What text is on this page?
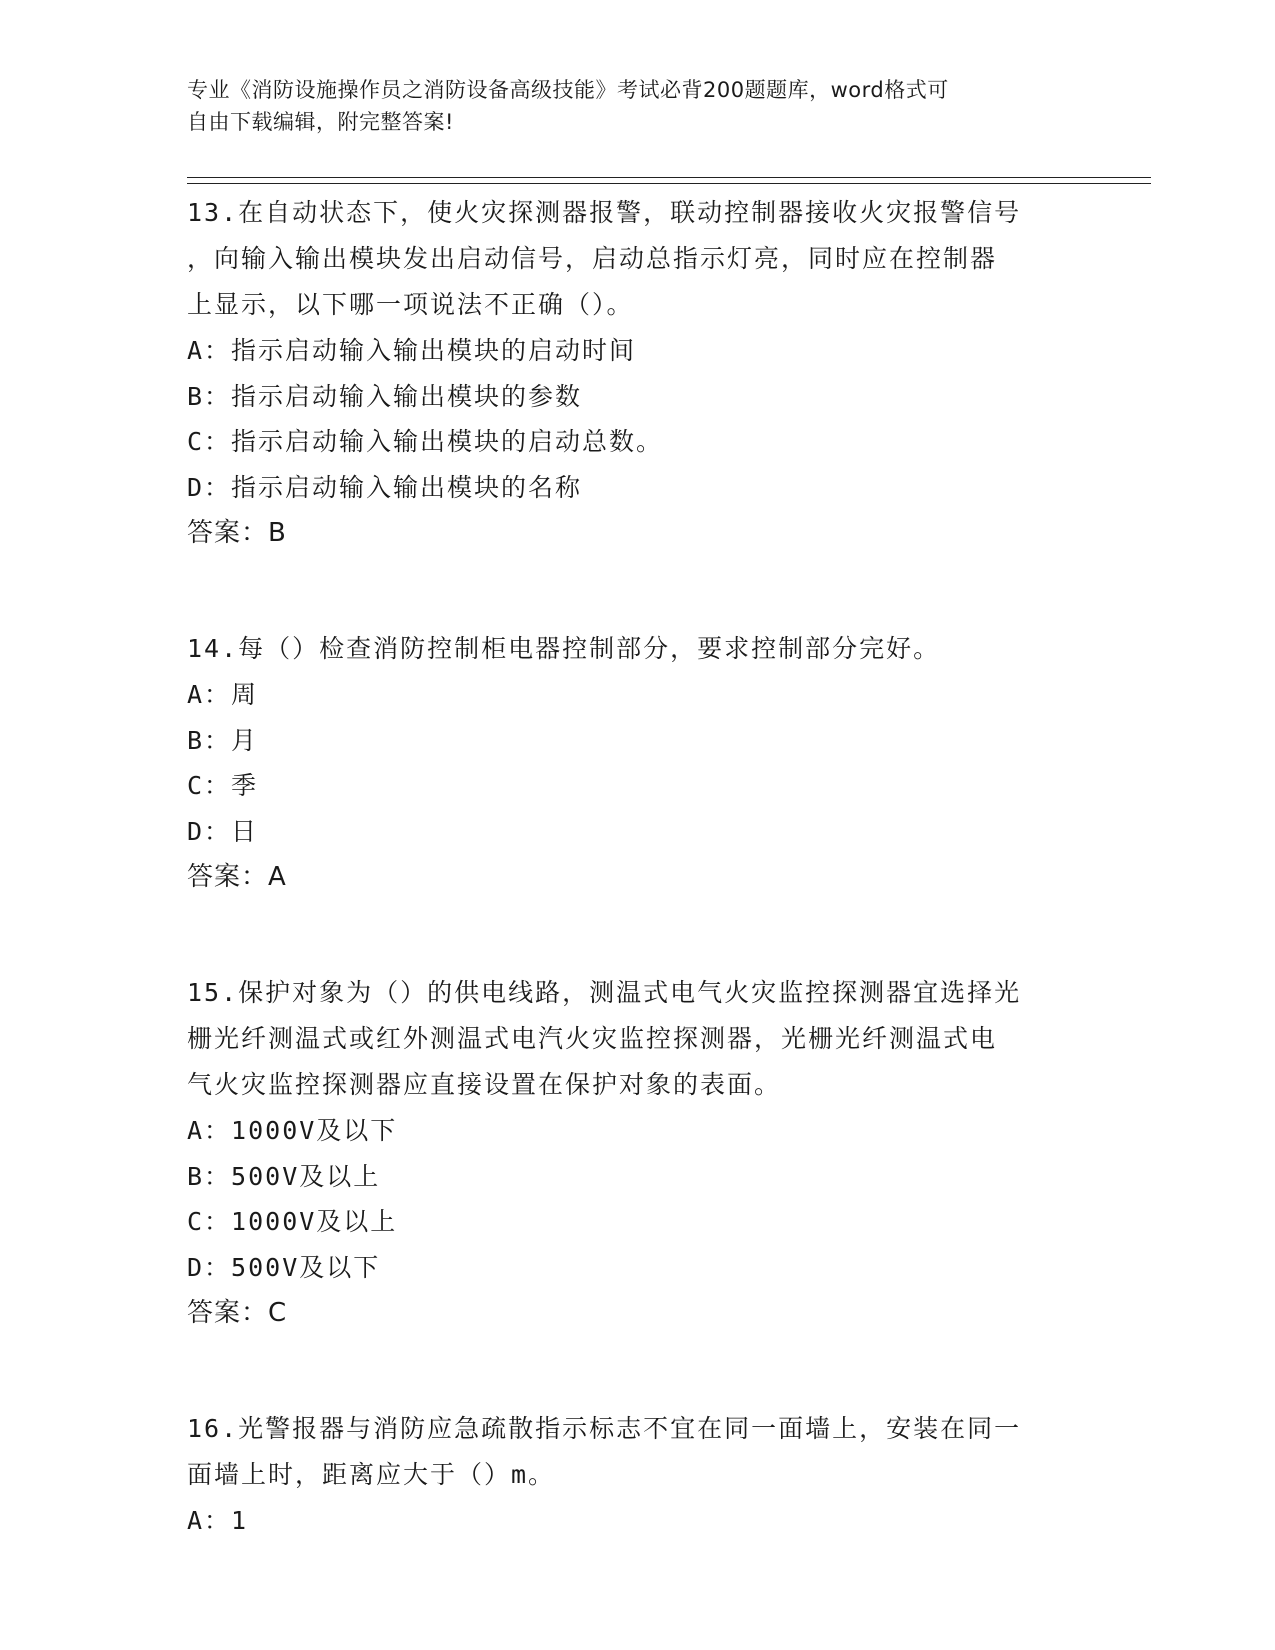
专业《消防设施操作员之消防设备高级技能》考试必背200题题库，word格式可
自由下载编辑，附完整答案!
13.在自动状态下，使火灾探测器报警，联动控制器接收火灾报警信号
，向输入输出模块发出启动信号，启动总指示灯亮，同时应在控制器
上显示，以下哪一项说法不正确（）。
A：指示启动输入输出模块的启动时间
B：指示启动输入输出模块的参数
C：指示启动输入输出模块的启动总数。
D：指示启动输入输出模块的名称
答案：B
14.每（）检查消防控制柜电器控制部分，要求控制部分完好。
A：周
B：月
C：季
D：日
答案：A
15.保护对象为（）的供电线路，测温式电气火灾监控探测器宜选择光
栅光纤测温式或红外测温式电汽火灾监控探测器，光栅光纤测温式电
气火灾监控探测器应直接设置在保护对象的表面。
A：1000V及以下
B：500V及以上
C：1000V及以上
D：500V及以下
答案：C
16.光警报器与消防应急疏散指示标志不宜在同一面墙上，安装在同一
面墙上时，距离应大于（）m。
A：1
